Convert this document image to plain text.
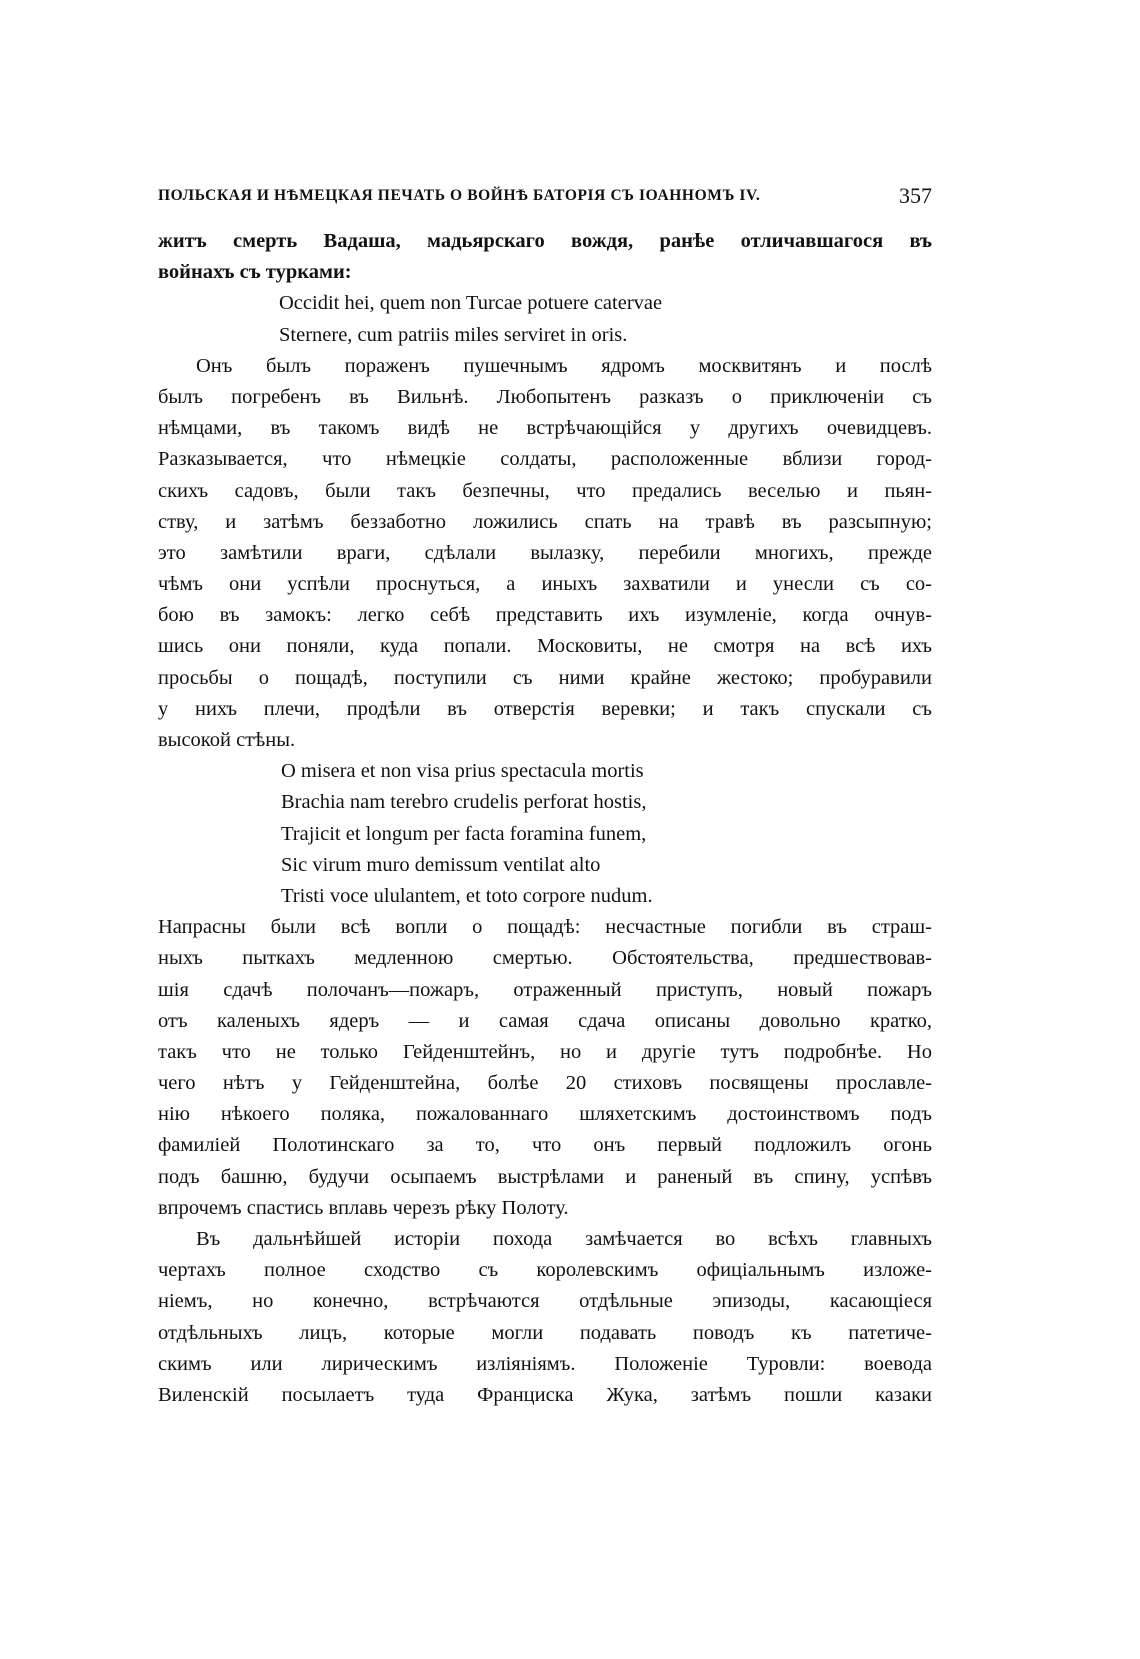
ПОЛЬСКАЯ И НѢМЕЦКАЯ ПЕЧАТЬ О ВОЙНѢ БАТОРІЯ СЪ ІОАННОМЪ IV.	357
житъ смерть Вадаша, мадьярскаго вождя, ранѣе отличавшагося въ
войнахъ съ турками:
Occidit hei, quem non Turcae potuere catervae
Sternere, cum patriis miles serviret in oris.
Онъ былъ пораженъ пушечнымъ ядромъ москвитянъ и послѣ
былъ погребенъ въ Вильнѣ. Любопытенъ разказъ о приключеніи съ
нѣмцами, въ такомъ видѣ не встрѣчающійся у другихъ очевидцевъ.
Разказывается, что нѣмецкіе солдаты, расположенные вблизи город-
скихъ садовъ, были такъ безпечны, что предались веселью и пьян-
ству, и затѣмъ беззаботно ложились спать на травѣ въ разсыпную;
это замѣтили враги, сдѣлали вылазку, перебили многихъ, прежде
чѣмъ они успѣли проснуться, а иныхъ захватили и унесли съ со-
бою въ замокъ: легко себѣ представить ихъ изумленіе, когда очнув-
шись они поняли, куда попали. Московиты, не смотря на всѣ ихъ
просьбы о пощадѣ, поступили съ ними крайне жестоко; пробуравили
у нихъ плечи, продѣли въ отверстія веревки; и такъ спускали съ
высокой стѣны.
O misera et non visa prius spectacula mortis
Brachia nam terebro crudelis perforat hostis,
Trajicit et longum per facta foramina funem,
Sic virum muro demissum ventilat alto
Tristi voce ululantem, et toto corpore nudum.
Напрасны были всѣ вопли о пощадѣ: несчастные погибли въ страш-
ныхъ пыткахъ медленною смертью. Обстоятельства, предшествовав-
шія сдачѣ полочанъ—пожаръ, отраженный приступъ, новый пожаръ
отъ каленыхъ ядеръ — и самая сдача описаны довольно кратко,
такъ что не только Гейденштейнъ, но и другіе тутъ подробнѣе. Но
чего нѣтъ у Гейденштейна, болѣе 20 стиховъ посвящены прославле-
нію нѣкоего поляка, пожалованнаго шляхетскимъ достоинствомъ подъ
фамиліей Полотинскаго за то, что онъ первый подложилъ огонь
подъ башню, будучи осыпаемъ выстрѣлами и раненый въ спину, успѣвъ
впрочемъ спастись вплавь черезъ рѣку Полоту.
Въ дальнѣйшей исторіи похода замѣчается во всѣхъ главныхъ
чертахъ полное сходство съ королевскимъ офиціальнымъ изложе-
ніемъ, но конечно, встрѣчаются отдѣльные эпизоды, касающіеся
отдѣльныхъ лицъ, которые могли подавать поводъ къ патетиче-
скимъ или лирическимъ изліяніямъ. Положеніе Туровли: воевода
Виленскій посылаетъ туда Франциска Жука, затѣмъ пошли казаки
